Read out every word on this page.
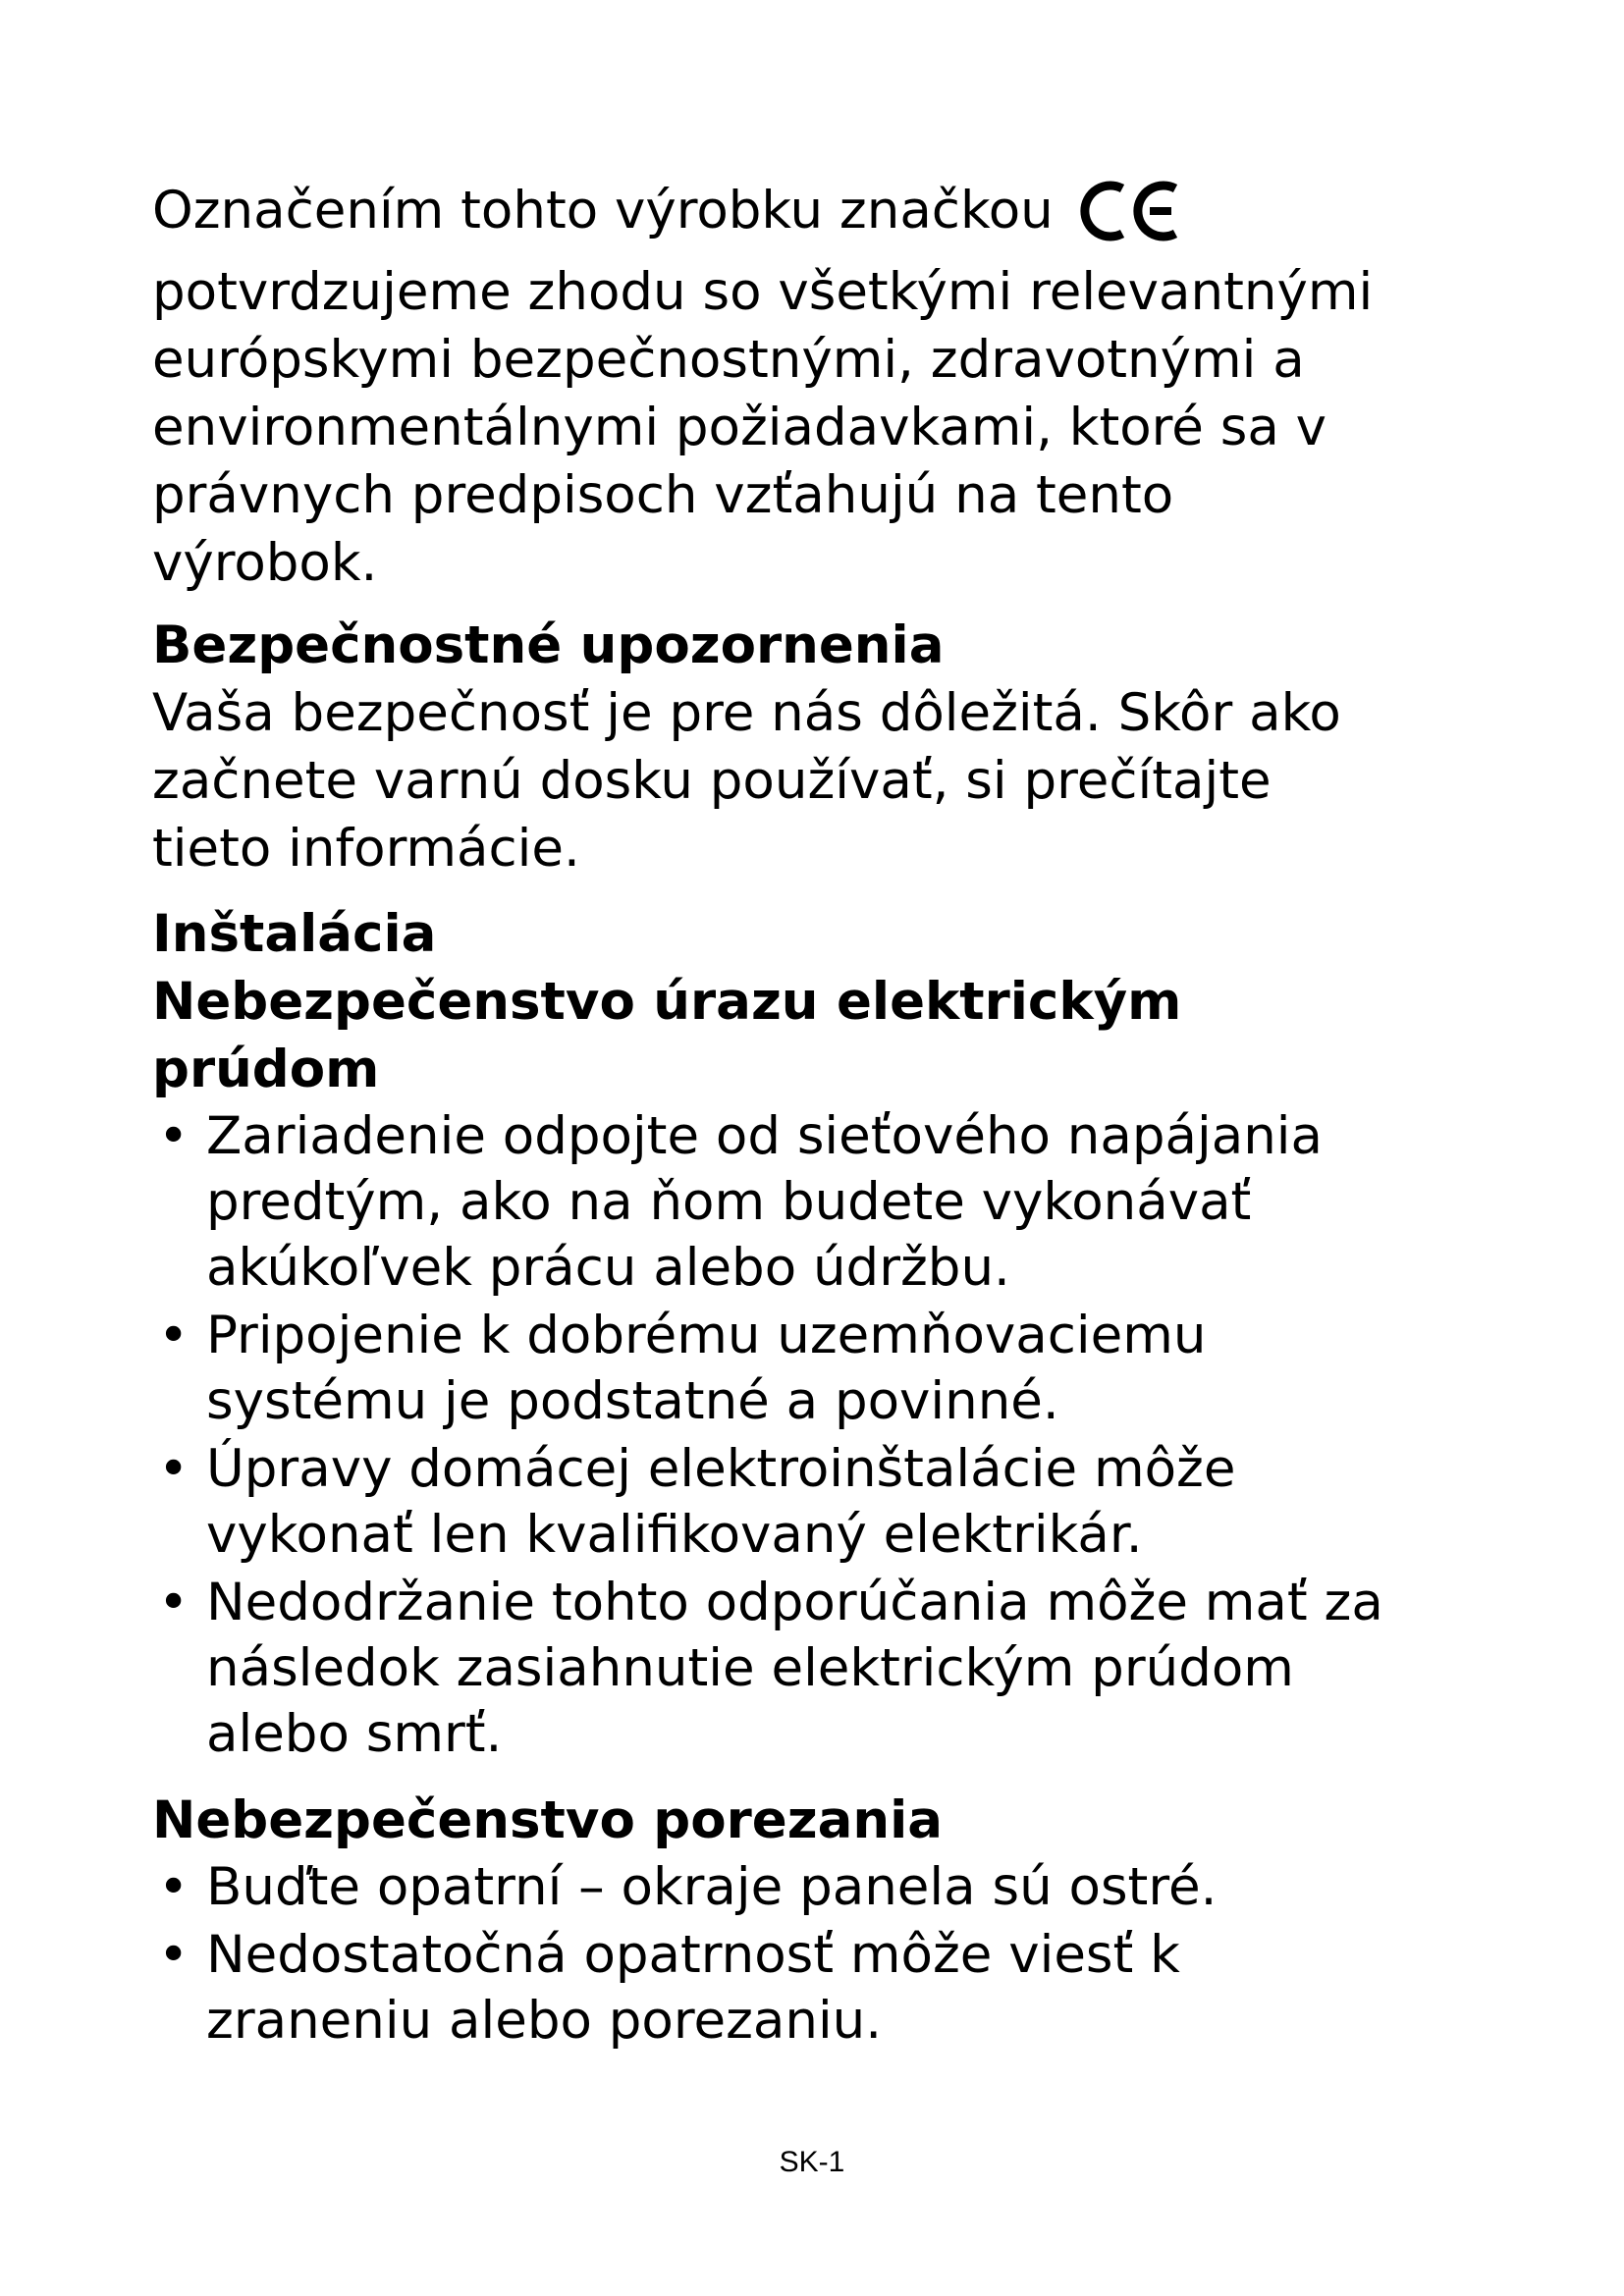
Označením tohto výrobku značkou
potvrdzujeme zhodu so všetkými relevantnými
európskymi bezpečnostnými, zdravotnými a
environmentálnymi požiadavkami, ktoré sa v
právnych predpisoch vzťahujú na tento
výrobok.
Bezpečnostné upozornenia
Vaša bezpečnosť je pre nás dôležitá. Skôr ako
začnete varnú dosku používať, si prečítajte
tieto informácie.
Inštalácia
Nebezpečenstvo úrazu elektrickým
prúdom
• Zariadenie odpojte od sieťového napájania
predtým, ako na ňom budete vykonávať
akúkoľvek prácu alebo údržbu.
• Pripojenie k dobrému uzemňovaciemu
systému je podstatné a povinné.
• Úpravy domácej elektroinštalácie môže
vykonať len kvalifikovaný elektrikár.
• Nedodržanie tohto odporúčania môže mať za
následok zasiahnutie elektrickým prúdom
alebo smrť.
Nebezpečenstvo porezania
• Buďte opatrní – okraje panela sú ostré.
• Nedostatočná opatrnosť môže viesť k
zraneniu alebo porezaniu.
SK-1
